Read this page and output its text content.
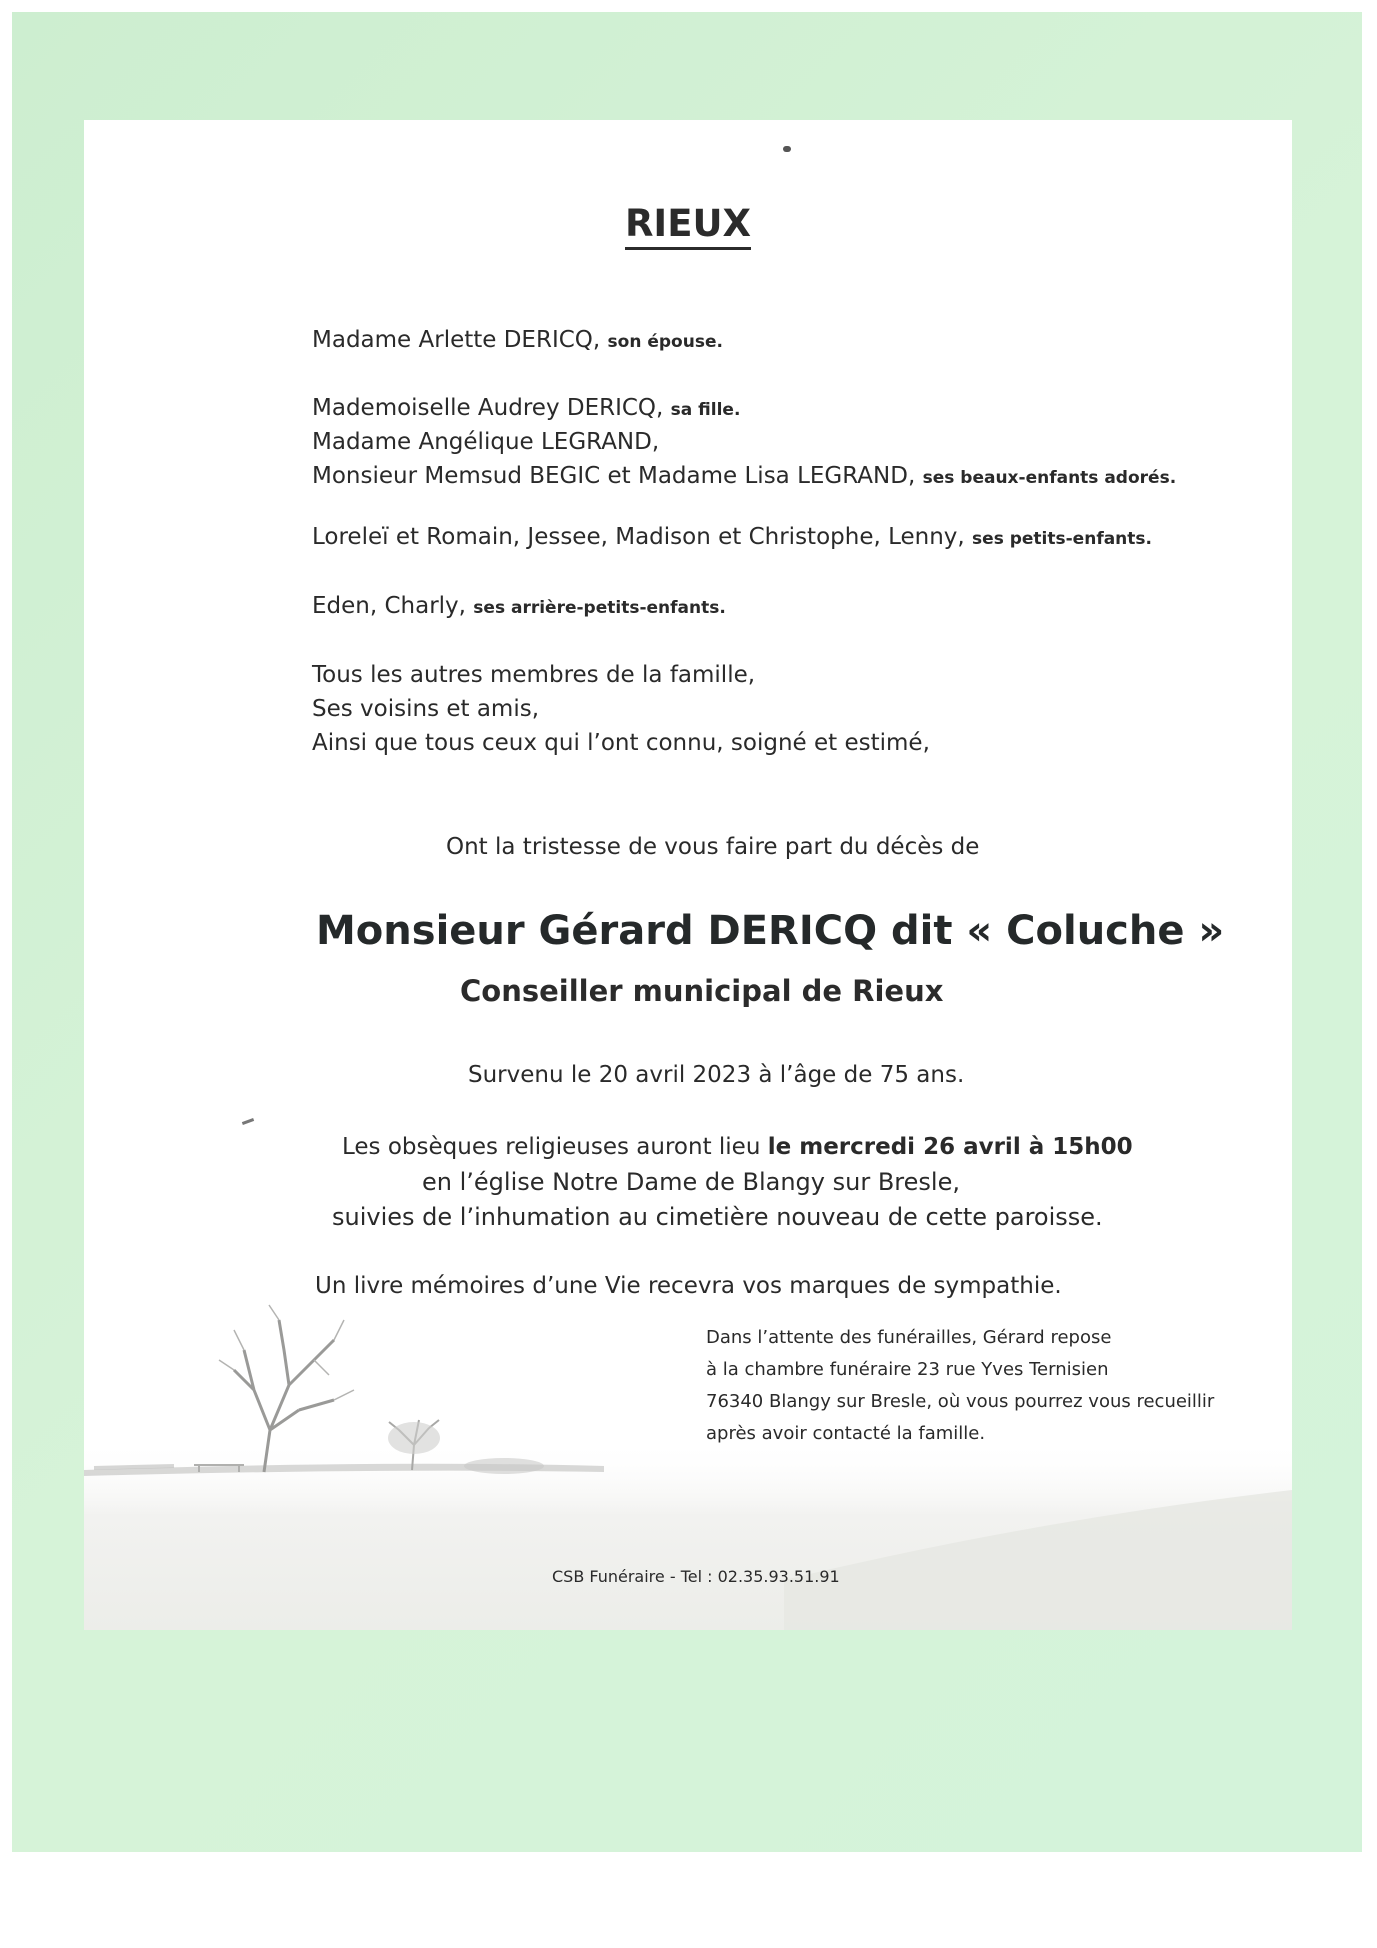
RIEUX
Madame Arlette DERICQ, son épouse.
Mademoiselle Audrey DERICQ, sa fille.
Madame Angélique LEGRAND,
Monsieur Memsud BEGIC et Madame Lisa LEGRAND, ses beaux-enfants adorés.
Loreleï et Romain, Jessee, Madison et Christophe, Lenny, ses petits-enfants.
Eden, Charly, ses arrière-petits-enfants.
Tous les autres membres de la famille,
Ses voisins et amis,
Ainsi que tous ceux qui l’ont connu, soigné et estimé,
Ont la tristesse de vous faire part du décès de
Monsieur Gérard DERICQ dit « Coluche »
Conseiller municipal de Rieux
Survenu le 20 avril 2023 à l’âge de 75 ans.
Les obsèques religieuses auront lieu le mercredi 26 avril à 15h00
en l’église Notre Dame de Blangy sur Bresle,
suivies de l’inhumation au cimetière nouveau de cette paroisse.
Un livre mémoires d’une Vie recevra vos marques de sympathie.
Dans l’attente des funérailles, Gérard repose
à la chambre funéraire 23 rue Yves Ternisien
76340 Blangy sur Bresle, où vous pourrez vous recueillir
après avoir contacté la famille.
CSB Funéraire - Tel : 02.35.93.51.91
